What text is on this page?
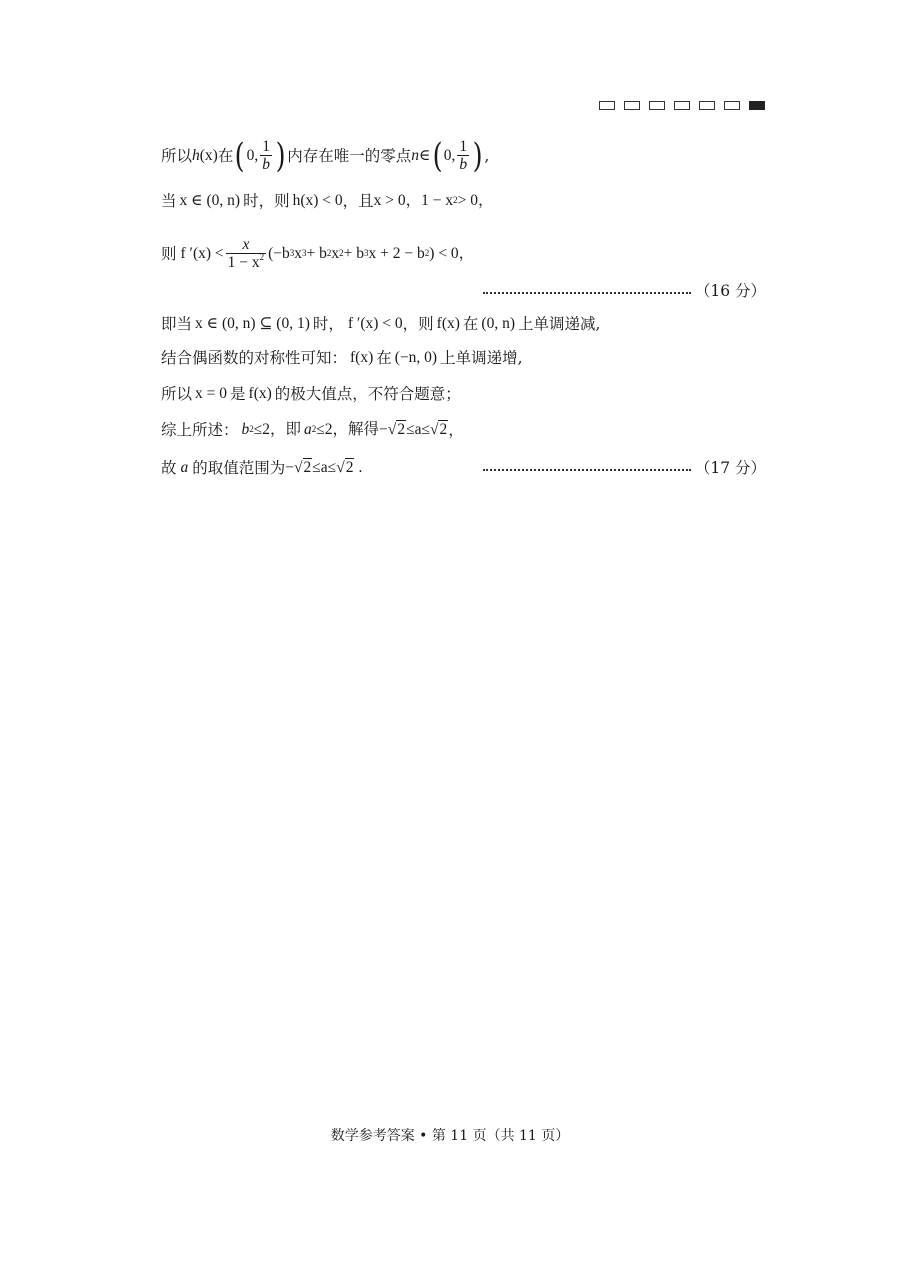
所以 h (x) 在 ( 0, $\frac{1}{b}$ ) 内存在唯一的零点 n ∈ ( 0, $\frac{1}{b}$ ) ,
当 x ∈ (0, n) 时，则 h(x) < 0 ，且 x > 0，$1 - x^2 > 0$，
则 f $'(x) < \frac{x}{1 - x^2} (-b^3$ $x^3 + b^2$ $x^2 + b^3$ $x + 2 - b^2$ ) < 0，
（16 分）
即当 x ∈ (0, n) ⊆ (0, 1) 时， f ′(x) < 0 ，则 f(x) 在 (0, n) 上单调递减,
结合偶函数的对称性可知： f(x) 在 (−n, 0) 上单调递增,
所以 x = 0 是 f(x) 的极大值点，不符合题意；
综上所述： $b^2 \le 2$，即 $a^2 \le 2$，解得 − √ 2 ≤a≤ √ 2 ，
故 a 的取值范围为 − √ 2 ≤a≤ √ 2 .	（17 分）
数学参考答案 • 第 11 页（共 11 页）
